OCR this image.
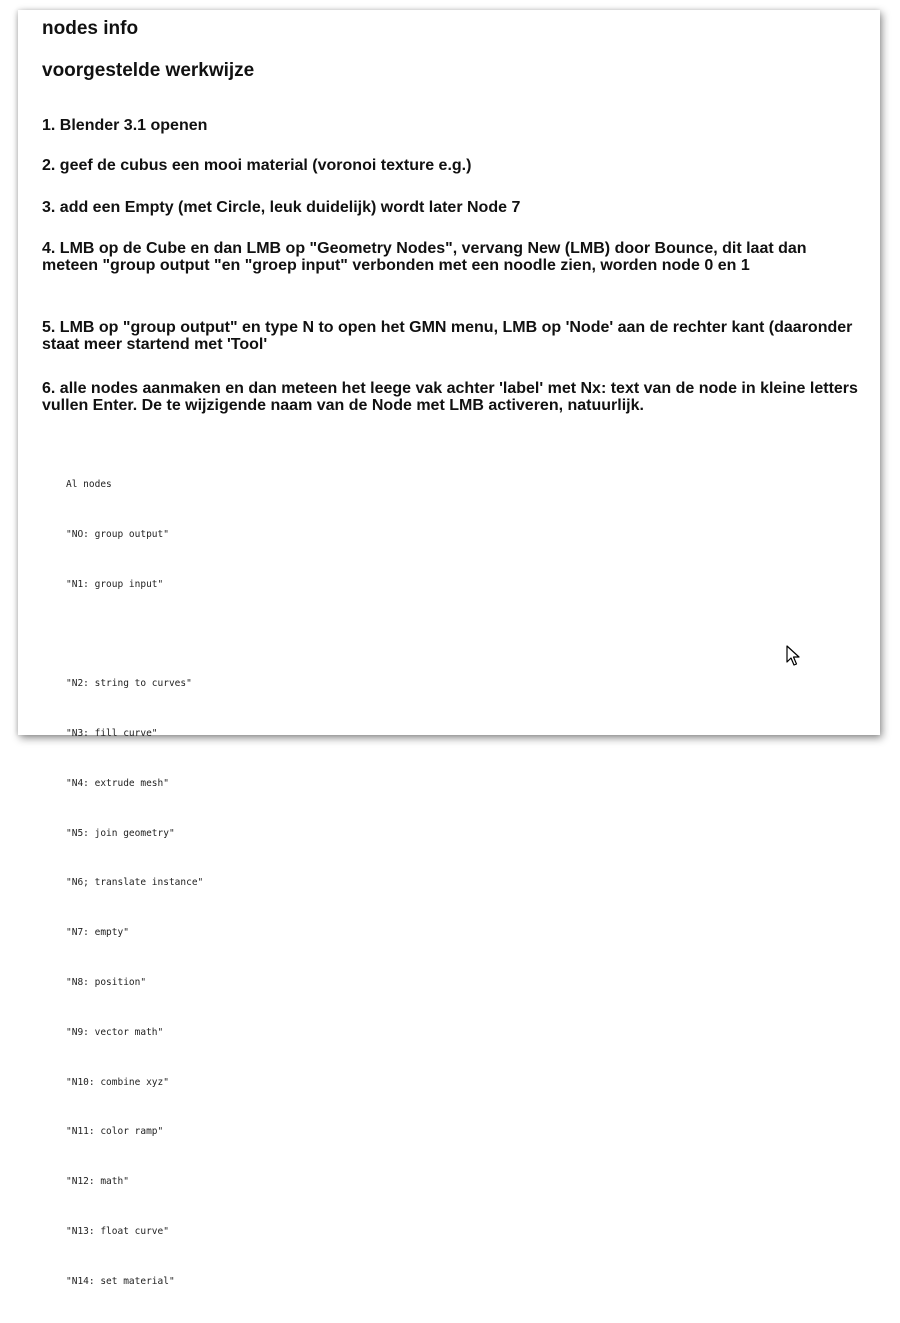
nodes info
voorgestelde werkwijze

1. Blender 3.1 openen

2. geef de cubus een mooi material (voronoi texture e.g.)

3. add een Empty (met Circle, leuk duidelijk) wordt later Node 7

4. LMB op de Cube en dan LMB op "Geometry Nodes", vervang New (LMB) door Bounce, dit laat dan meteen "group output "en "groep input" verbonden met een noodle zien, worden node 0 en 1

5. LMB op "group output" en type N to open het GMN menu, LMB op 'Node' aan de rechter kant (daaronder staat meer startend met 'Tool'

6. alle nodes aanmaken en dan meteen het leege vak achter 'label' met Nx: text van de node in kleine letters vullen Enter. De te wijzigende naam van de Node met LMB activeren, natuurlijk.

Al nodes

"NO: group output"

"N1: group input"

"N2: string to curves"

"N3: fill curve"

"N4: extrude mesh"

"N5: join geometry"

"N6; translate instance"

"N7: empty"

"N8: position"

"N9: vector math"

"N10: combine xyz"

"N11: color ramp"

"N12: math"

"N13: float curve"

"N14: set material"
